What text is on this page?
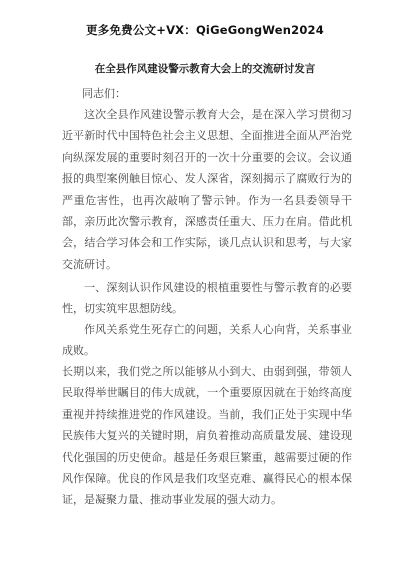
更多免费公文+VX：QiGeGongWen2024
在全县作风建设警示教育大会上的交流研讨发言
同志们：
这次全县作风建设警示教育大会，是在深入学习贯彻习近平新时代中国特色社会主义思想、全面推进全面从严治党向纵深发展的重要时刻召开的一次十分重要的会议。会议通报的典型案例触目惊心、发人深省，深刻揭示了腐败行为的严重危害性，也再次敲响了警示钟。作为一名县委领导干部，亲历此次警示教育，深感责任重大、压力在肩。借此机会，结合学习体会和工作实际，谈几点认识和思考，与大家交流研讨。
一、深刻认识作风建设的根植重要性与警示教育的必要性，切实筑牢思想防线。
作风关系党生死存亡的问题，关系人心向背，关系事业成败。
长期以来，我们党之所以能够从小到大、由弱到强，带领人民取得举世瞩目的伟大成就，一个重要原因就在于始终高度重视并持续推进党的作风建设。当前，我们正处于实现中华民族伟大复兴的关键时期，肩负着推动高质量发展、建设现代化强国的历史使命。越是任务艰巨繁重，越需要过硬的作风作保障。优良的作风是我们攻坚克难、赢得民心的根本保证，是凝聚力量、推动事业发展的强大动力。
